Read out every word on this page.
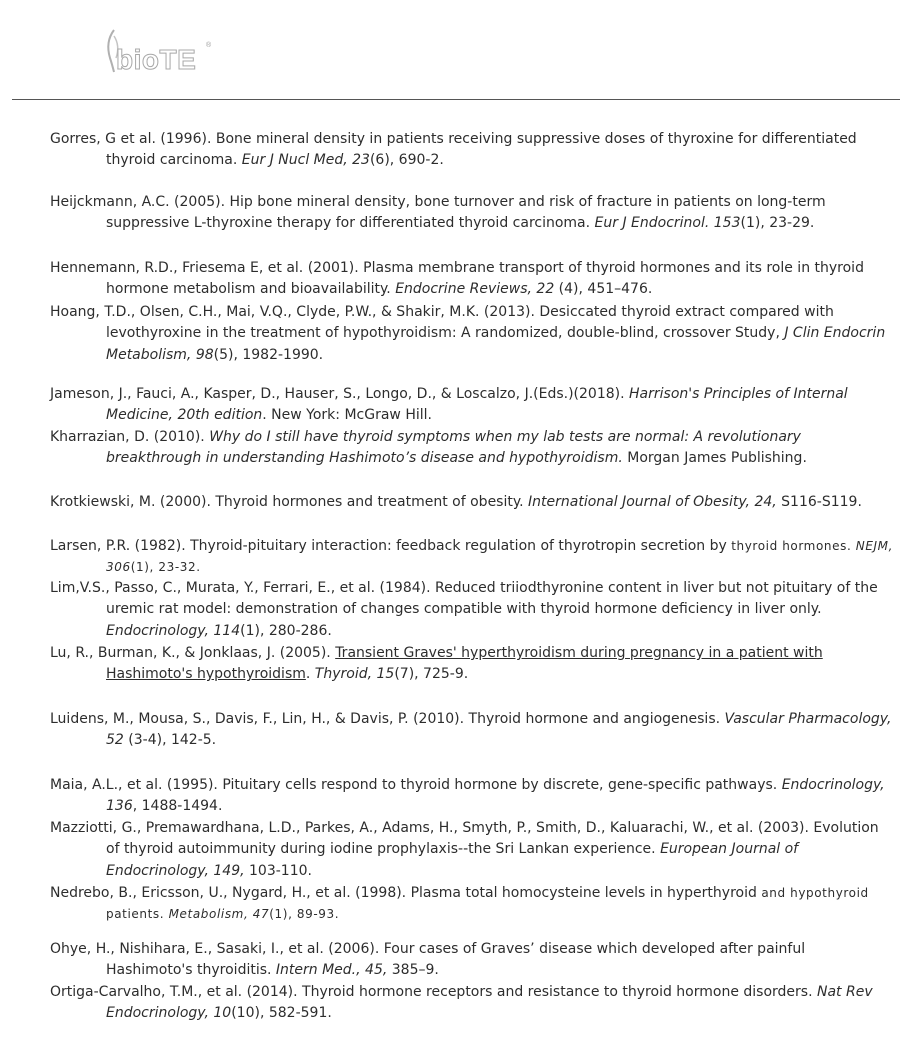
bioTE ®
Gorres, G et al. (1996). Bone mineral density in patients receiving suppressive doses of thyroxine for differentiated thyroid carcinoma. Eur J Nucl Med, 23(6), 690-2.
Heijckmann, A.C. (2005). Hip bone mineral density, bone turnover and risk of fracture in patients on long-term suppressive L-thyroxine therapy for differentiated thyroid carcinoma. Eur J Endocrinol. 153(1), 23-29.
Hennemann, R.D., Friesema E, et al. (2001). Plasma membrane transport of thyroid hormones and its role in thyroid hormone metabolism and bioavailability. Endocrine Reviews, 22 (4), 451–476.
Hoang, T.D., Olsen, C.H., Mai, V.Q., Clyde, P.W., & Shakir, M.K. (2013). Desiccated thyroid extract compared with levothyroxine in the treatment of hypothyroidism: A randomized, double-blind, crossover Study, J Clin Endocrin Metabolism, 98(5), 1982-1990.
Jameson, J., Fauci, A., Kasper, D., Hauser, S., Longo, D., & Loscalzo, J.(Eds.)(2018). Harrison's Principles of Internal Medicine, 20th edition. New York: McGraw Hill.
Kharrazian, D. (2010). Why do I still have thyroid symptoms when my lab tests are normal: A revolutionary breakthrough in understanding Hashimoto’s disease and hypothyroidism. Morgan James Publishing.
Krotkiewski, M. (2000). Thyroid hormones and treatment of obesity. International Journal of Obesity, 24, S116-S119.
Larsen, P.R. (1982). Thyroid-pituitary interaction: feedback regulation of thyrotropin secretion by thyroid hormones. NEJM, 306(1), 23-32.
Lim,V.S., Passo, C., Murata, Y., Ferrari, E., et al. (1984). Reduced triiodthyronine content in liver but not pituitary of the uremic rat model: demonstration of changes compatible with thyroid hormone deficiency in liver only. Endocrinology, 114(1), 280-286.
Lu, R., Burman, K., & Jonklaas, J. (2005). Transient Graves' hyperthyroidism during pregnancy in a patient with Hashimoto's hypothyroidism. Thyroid, 15(7), 725-9.
Luidens, M., Mousa, S., Davis, F., Lin, H., & Davis, P. (2010). Thyroid hormone and angiogenesis. Vascular Pharmacology, 52 (3-4), 142-5.
Maia, A.L., et al. (1995). Pituitary cells respond to thyroid hormone by discrete, gene-specific pathways. Endocrinology, 136, 1488-1494.
Mazziotti, G., Premawardhana, L.D., Parkes, A., Adams, H., Smyth, P., Smith, D., Kaluarachi, W., et al. (2003). Evolution of thyroid autoimmunity during iodine prophylaxis--the Sri Lankan experience. European Journal of Endocrinology, 149, 103-110.
Nedrebo, B., Ericsson, U., Nygard, H., et al. (1998). Plasma total homocysteine levels in hyperthyroid and hypothyroid patients. Metabolism, 47(1), 89-93.
Ohye, H., Nishihara, E., Sasaki, I., et al. (2006). Four cases of Graves’ disease which developed after painful Hashimoto's thyroiditis. Intern Med., 45, 385–9.
Ortiga-Carvalho, T.M., et al. (2014). Thyroid hormone receptors and resistance to thyroid hormone disorders. Nat Rev Endocrinology, 10(10), 582-591.
